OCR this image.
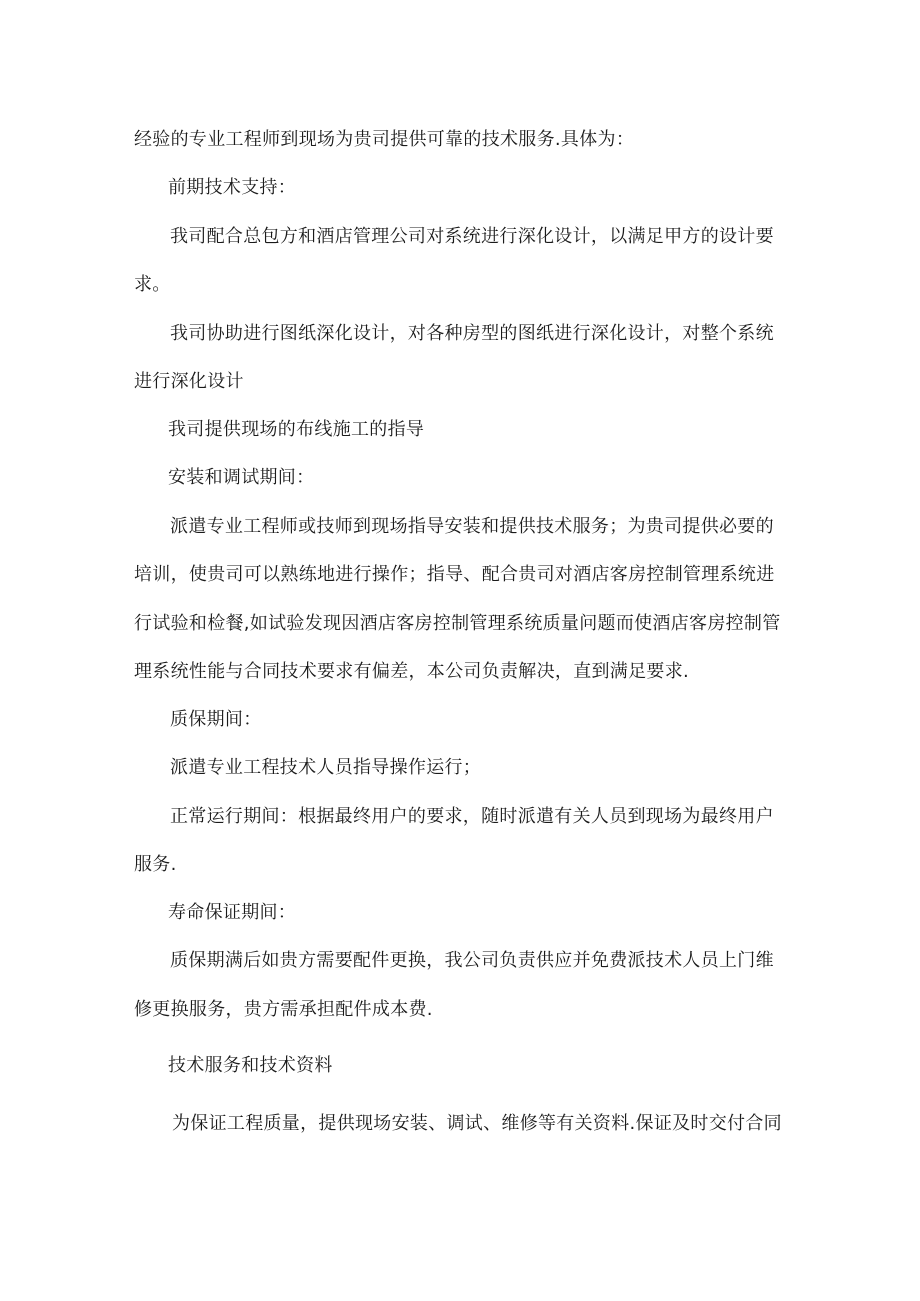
经验的专业工程师到现场为贵司提供可靠的技术服务.具体为：
前期技术支持：
我司配合总包方和酒店管理公司对系统进行深化设计，以满足甲方的设计要
求。
我司协助进行图纸深化设计，对各种房型的图纸进行深化设计，对整个系统
进行深化设计
我司提供现场的布线施工的指导
安装和调试期间：
派遣专业工程师或技师到现场指导安装和提供技术服务；为贵司提供必要的
培训，使贵司可以熟练地进行操作；指导、配合贵司对酒店客房控制管理系统进
行试验和检餐,如试验发现因酒店客房控制管理系统质量问题而使酒店客房控制管
理系统性能与合同技术要求有偏差，本公司负责解决，直到满足要求.
质保期间：
派遣专业工程技术人员指导操作运行；
正常运行期间：根据最终用户的要求，随时派遣有关人员到现场为最终用户
服务.
寿命保证期间：
质保期满后如贵方需要配件更换，我公司负责供应并免费派技术人员上门维
修更换服务，贵方需承担配件成本费.
技术服务和技术资料
为保证工程质量，提供现场安装、调试、维修等有关资料.保证及时交付合同
